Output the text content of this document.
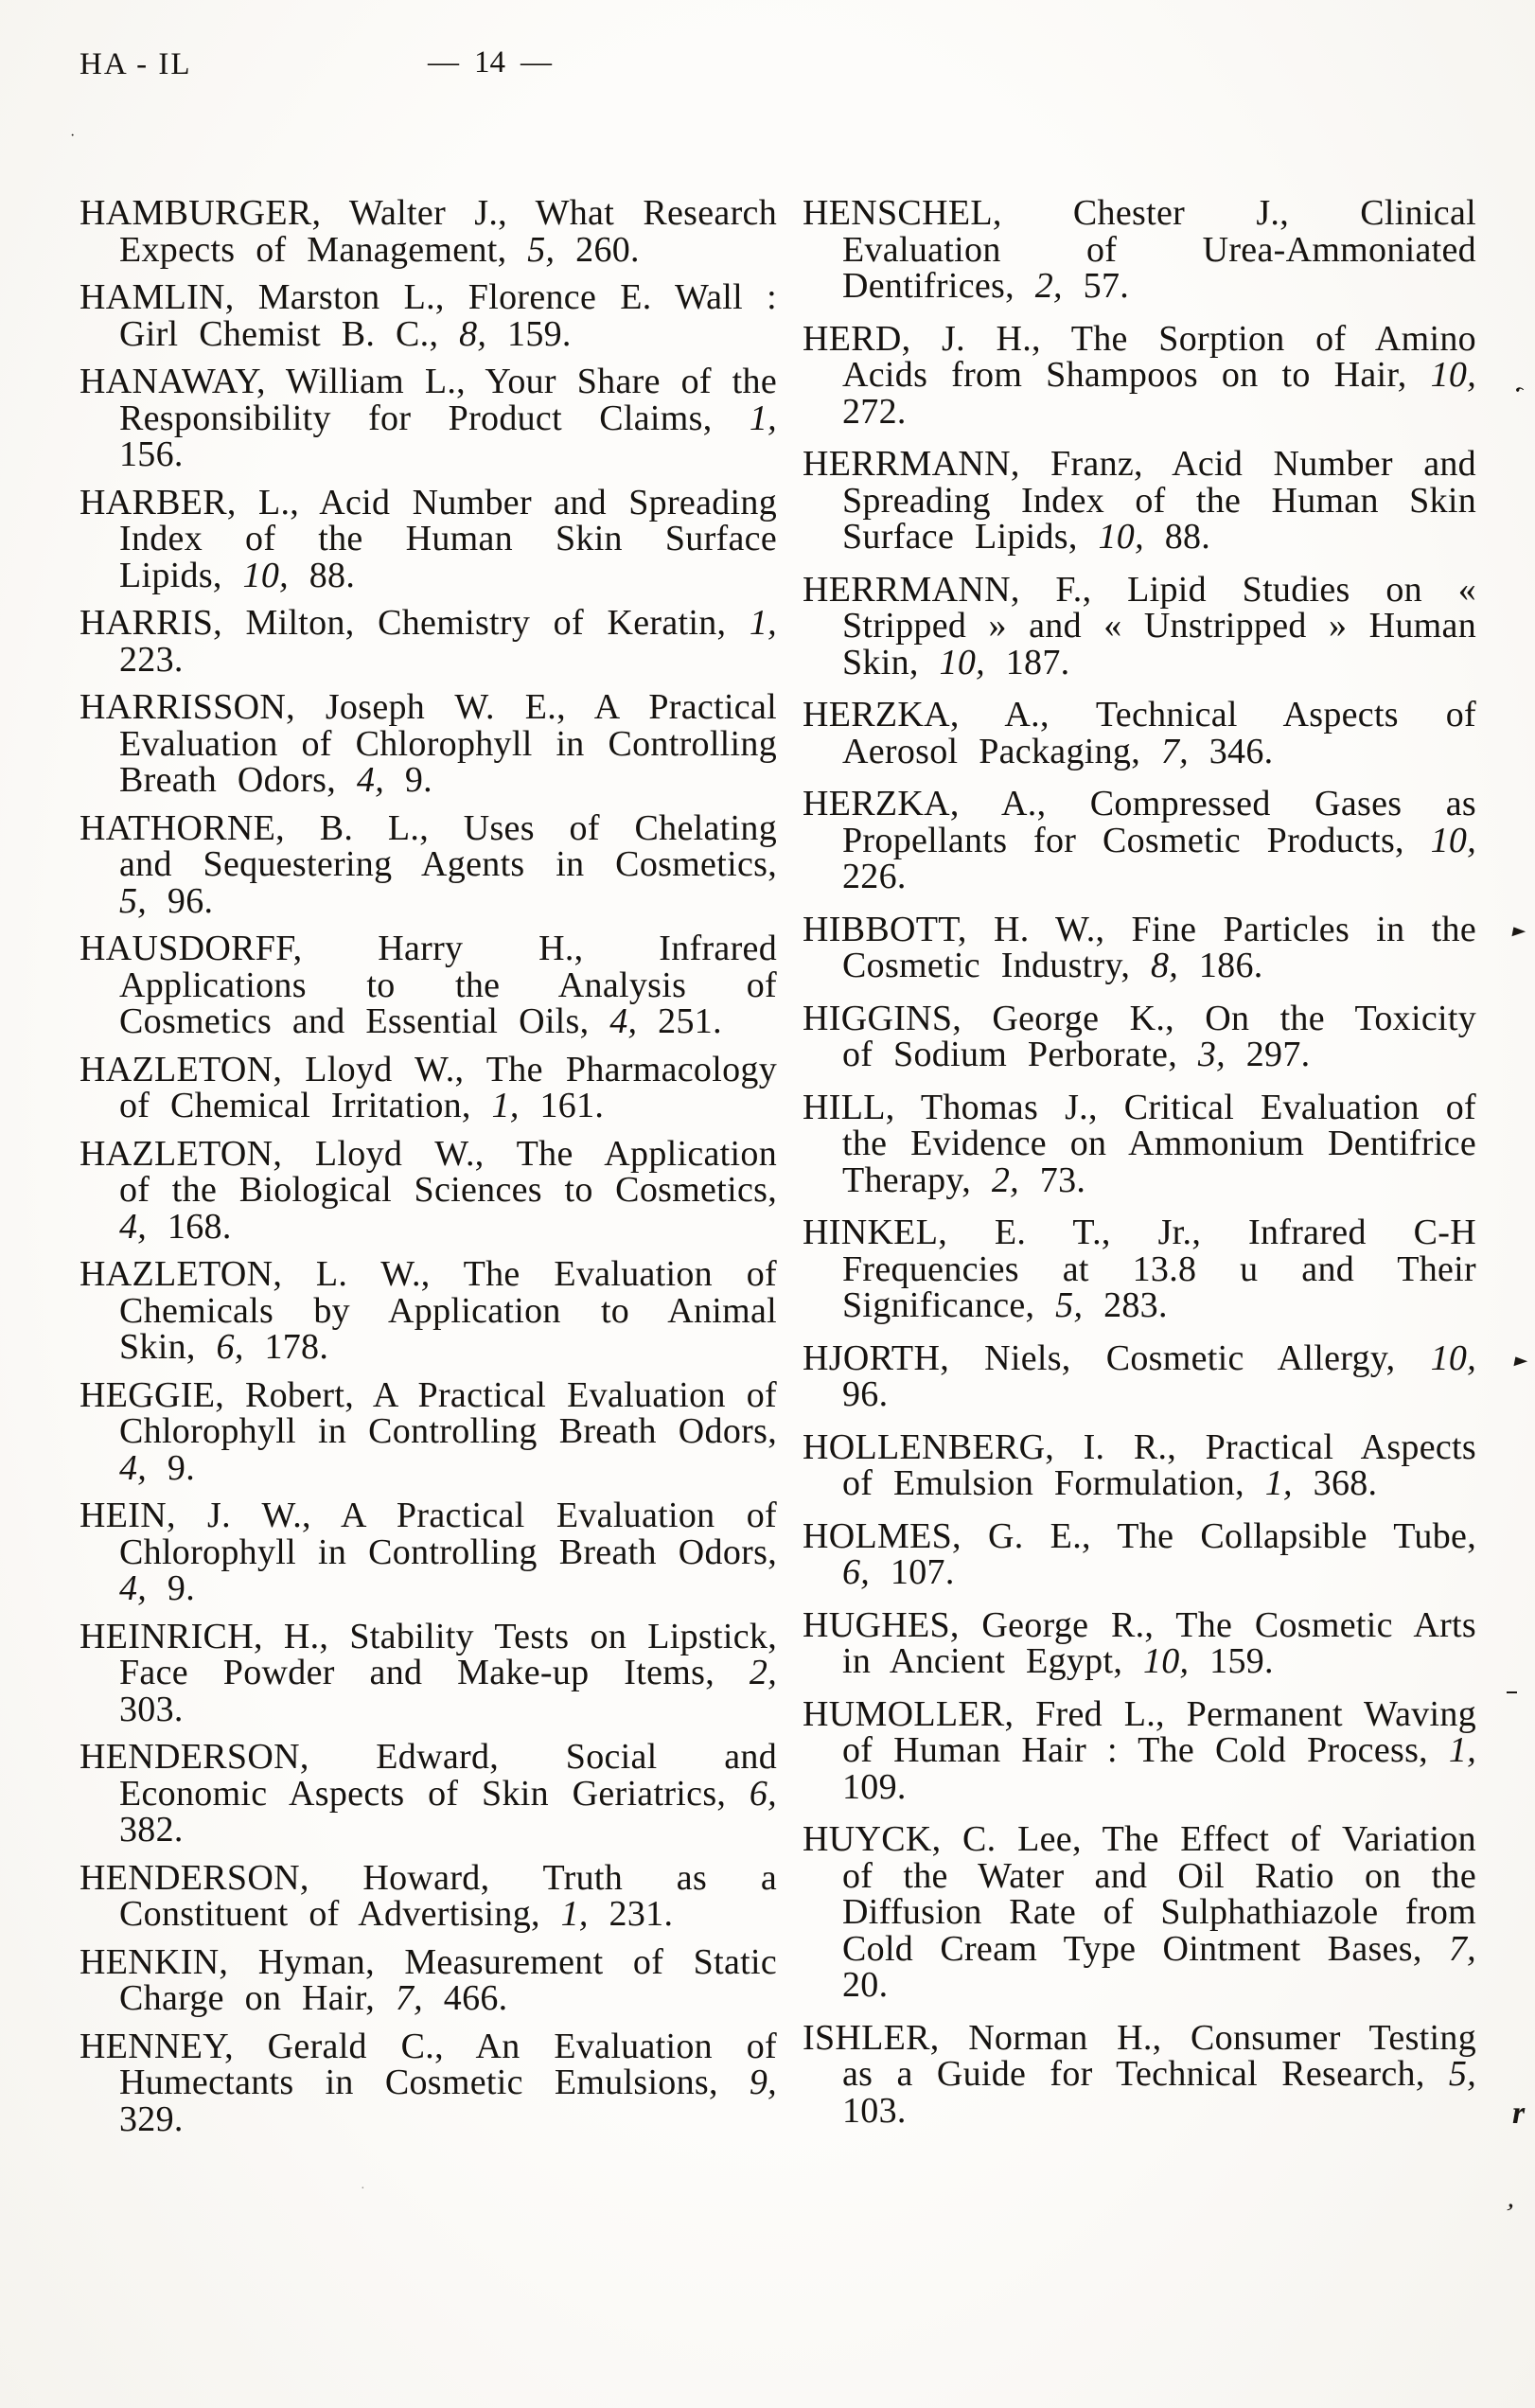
HA - IL	— 14 —

HAMBURGER, Walter J., What Research Expects of Management, 5, 260.

HAMLIN, Marston L., Florence E. Wall : Girl Chemist B. C., 8, 159.

HANAWAY, William L., Your Share of the Responsibility for Product Claims, 1, 156.

HARBER, L., Acid Number and Spreading Index of the Human Skin Surface Lipids, 10, 88.

HARRIS, Milton, Chemistry of Keratin, 1, 223.

HARRISSON, Joseph W. E., A Practical Evaluation of Chlorophyll in Controlling Breath Odors, 4, 9.

HATHORNE, B. L., Uses of Chelating and Sequestering Agents in Cosmetics, 5, 96.

HAUSDORFF, Harry H., Infrared Applications to the Analysis of Cosmetics and Essential Oils, 4, 251.

HAZLETON, Lloyd W., The Pharmacology of Chemical Irritation, 1, 161.

HAZLETON, Lloyd W., The Application of the Biological Sciences to Cosmetics, 4, 168.

HAZLETON, L. W., The Evaluation of Chemicals by Application to Animal Skin, 6, 178.

HEGGIE, Robert, A Practical Evaluation of Chlorophyll in Controlling Breath Odors, 4, 9.

HEIN, J. W., A Practical Evaluation of Chlorophyll in Controlling Breath Odors, 4, 9.

HEINRICH, H., Stability Tests on Lipstick, Face Powder and Make-up Items, 2, 303.

HENDERSON, Edward, Social and Economic Aspects of Skin Geriatrics, 6, 382.

HENDERSON, Howard, Truth as a Constituent of Advertising, 1, 231.

HENKIN, Hyman, Measurement of Static Charge on Hair, 7, 466.

HENNEY, Gerald C., An Evaluation of Humectants in Cosmetic Emulsions, 9, 329.

HENSCHEL, Chester J., Clinical Evaluation of Urea-Ammoniated Dentifrices, 2, 57.

HERD, J. H., The Sorption of Amino Acids from Shampoos on to Hair, 10, 272.

HERRMANN, Franz, Acid Number and Spreading Index of the Human Skin Surface Lipids, 10, 88.

HERRMANN, F., Lipid Studies on « Stripped » and « Unstripped » Human Skin, 10, 187.

HERZKA, A., Technical Aspects of Aerosol Packaging, 7, 346.

HERZKA, A., Compressed Gases as Propellants for Cosmetic Products, 10, 226.

HIBBOTT, H. W., Fine Particles in the Cosmetic Industry, 8, 186.

HIGGINS, George K., On the Toxicity of Sodium Perborate, 3, 297.

HILL, Thomas J., Critical Evaluation of the Evidence on Ammonium Dentifrice Therapy, 2, 73.

HINKEL, E. T., Jr., Infrared C-H Frequencies at 13.8 u and Their Significance, 5, 283.

HJORTH, Niels, Cosmetic Allergy, 10, 96.

HOLLENBERG, I. R., Practical Aspects of Emulsion Formulation, 1, 368.

HOLMES, G. E., The Collapsible Tube, 6, 107.

HUGHES, George R., The Cosmetic Arts in Ancient Egypt, 10, 159.

HUMOLLER, Fred L., Permanent Waving of Human Hair : The Cold Process, 1, 109.

HUYCK, C. Lee, The Effect of Variation of the Water and Oil Ratio on the Diffusion Rate of Sulphathiazole from Cold Cream Type Ointment Bases, 7, 20.

ISHLER, Norman H., Consumer Testing as a Guide for Technical Research, 5, 103.

·
,
►
►
▬
r
ʼ
·
